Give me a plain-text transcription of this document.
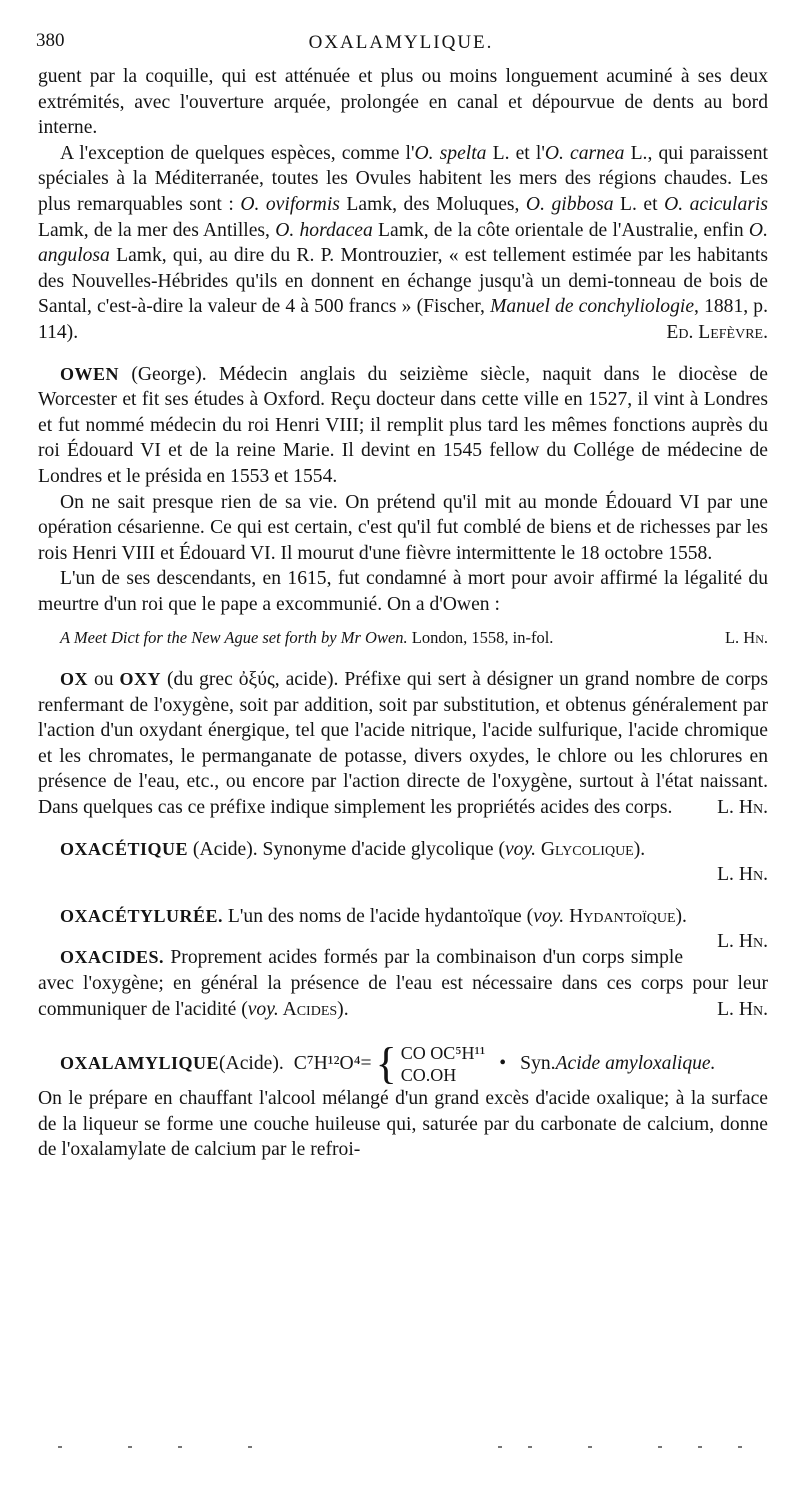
380	OXALAMYLIQUE.

guent par la coquille, qui est atténuée et plus ou moins longuement acuminé à ses deux extrémités, avec l'ouverture arquée, prolongée en canal et dépourvue de dents au bord interne.

A l'exception de quelques espèces, comme l'O. spelta L. et l'O. carnea L., qui paraissent spéciales à la Méditerranée, toutes les Ovules habitent les mers des régions chaudes. Les plus remarquables sont : O. oviformis Lamk, des Moluques, O. gibbosa L. et O. acicularis Lamk, de la mer des Antilles, O. hordacea Lamk, de la côte orientale de l'Australie, enfin O. angulosa Lamk, qui, au dire du R. P. Montrouzier, « est tellement estimée par les habitants des Nouvelles-Hébrides qu'ils en donnent en échange jusqu'à un demi-tonneau de bois de Santal, c'est-à-dire la valeur de 4 à 500 francs » (Fischer, Manuel de conchyliologie, 1881, p. 114).	Ed. Lefèvre.

OWEN (George). Médecin anglais du seizième siècle, naquit dans le diocèse de Worcester et fit ses études à Oxford. Reçu docteur dans cette ville en 1527, il vint à Londres et fut nommé médecin du roi Henri VIII; il remplit plus tard les mêmes fonctions auprès du roi Édouard VI et de la reine Marie. Il devint en 1545 fellow du Collége de médecine de Londres et le présida en 1553 et 1554.

On ne sait presque rien de sa vie. On prétend qu'il mit au monde Édouard VI par une opération césarienne. Ce qui est certain, c'est qu'il fut comblé de biens et de richesses par les rois Henri VIII et Édouard VI. Il mourut d'une fièvre intermittente le 18 octobre 1558.

L'un de ses descendants, en 1615, fut condamné à mort pour avoir affirmé la légalité du meurtre d'un roi que le pape a excommunié. On a d'Owen :

A Meet Dict for the New Ague set forth by Mr Owen. London, 1558, in-fol.	L. Hn.

OX ou OXY (du grec ὀξύς, acide). Préfixe qui sert à désigner un grand nombre de corps renfermant de l'oxygène, soit par addition, soit par substitution, et obtenus généralement par l'action d'un oxydant énergique, tel que l'acide nitrique, l'acide sulfurique, l'acide chromique et les chromates, le permanganate de potasse, divers oxydes, le chlore ou les chlorures en présence de l'eau, etc., ou encore par l'action directe de l'oxygène, surtout à l'état naissant. Dans quelques cas ce préfixe indique simplement les propriétés acides des corps.	L. Hn.

OXACÉTIQUE (Acide). Synonyme d'acide glycolique (voy. Glycolique).

L. Hn.

OXACÉTYLURÉE. L'un des noms de l'acide hydantoïque (voy. Hydantoïque).
L. Hn.

OXACIDES. Proprement acides formés par la combinaison d'un corps simple avec l'oxygène; en général la présence de l'eau est nécessaire dans ces corps pour leur communiquer de l'acidité (voy. Acides).	L. Hn.

OXALAMYLIQUE (Acide). C⁷H¹²O⁴= { CO OC⁵H¹¹
CO.OH
• Syn. Acide amyloxalique.

On le prépare en chauffant l'alcool mélangé d'un grand excès d'acide oxalique; à la surface de la liqueur se forme une couche huileuse qui, saturée par du carbonate de calcium, donne de l'oxalamylate de calcium par le refroi-
